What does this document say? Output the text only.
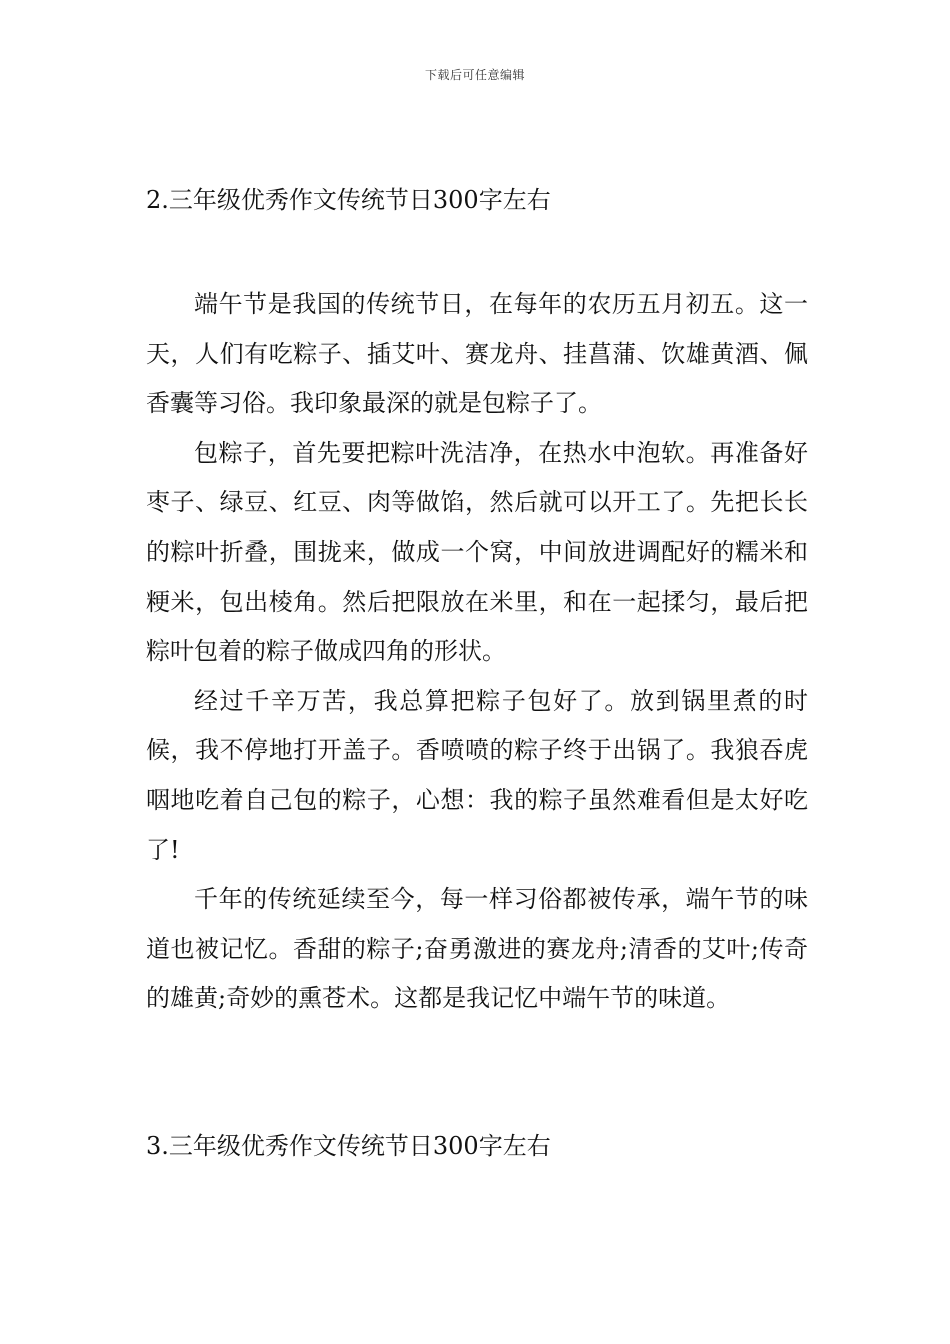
下载后可任意编辑
2.三年级优秀作文传统节日300字左右

端午节是我国的传统节日，在每年的农历五月初五。这一天，人们有吃粽子、插艾叶、赛龙舟、挂菖蒲、饮雄黄酒、佩香囊等习俗。我印象最深的就是包粽子了。

包粽子，首先要把粽叶洗洁净，在热水中泡软。再准备好枣子、绿豆、红豆、肉等做馅，然后就可以开工了。先把长长的粽叶折叠，围拢来，做成一个窝，中间放进调配好的糯米和粳米，包出棱角。然后把限放在米里，和在一起揉匀，最后把粽叶包着的粽子做成四角的形状。

经过千辛万苦，我总算把粽子包好了。放到锅里煮的时候，我不停地打开盖子。香喷喷的粽子终于出锅了。我狼吞虎咽地吃着自己包的粽子，心想：我的粽子虽然难看但是太好吃了!

千年的传统延续至今，每一样习俗都被传承，端午节的味道也被记忆。香甜的粽子;奋勇激进的赛龙舟;清香的艾叶;传奇的雄黄;奇妙的熏苍术。这都是我记忆中端午节的味道。

3.三年级优秀作文传统节日300字左右
